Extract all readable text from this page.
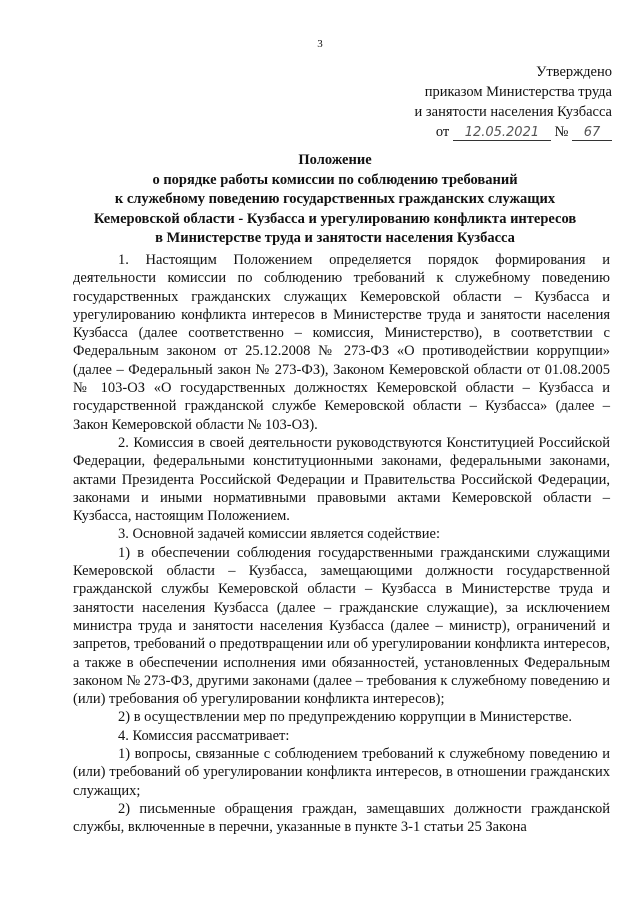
3
Утверждено
приказом Министерства труда
и занятости населения Кузбасса
от 12.05.2021 № 67
Положение
о порядке работы комиссии по соблюдению требований
к служебному поведению государственных гражданских служащих
Кемеровской области - Кузбасса и урегулированию конфликта интересов
в Министерстве труда и занятости населения Кузбасса

1. Настоящим Положением определяется порядок формирования и деятельности комиссии по соблюдению требований к служебному поведению государственных гражданских служащих Кемеровской области – Кузбасса и урегулированию конфликта интересов в Министерстве труда и занятости населения Кузбасса (далее соответственно – комиссия, Министерство), в соответствии с Федеральным законом от 25.12.2008 № 273-ФЗ «О противодействии коррупции» (далее – Федеральный закон № 273-ФЗ), Законом Кемеровской области от 01.08.2005 № 103-ОЗ «О государственных должностях Кемеровской области – Кузбасса и государственной гражданской службе Кемеровской области – Кузбасса» (далее – Закон Кемеровской области № 103-ОЗ).

2. Комиссия в своей деятельности руководствуются Конституцией Российской Федерации, федеральными конституционными законами, федеральными законами, актами Президента Российской Федерации и Правительства Российской Федерации, законами и иными нормативными правовыми актами Кемеровской области – Кузбасса, настоящим Положением.

3. Основной задачей комиссии является содействие:

1) в обеспечении соблюдения государственными гражданскими служащими Кемеровской области – Кузбасса, замещающими должности государственной гражданской службы Кемеровской области – Кузбасса в Министерстве труда и занятости населения Кузбасса (далее – гражданские служащие), за исключением министра труда и занятости населения Кузбасса (далее – министр), ограничений и запретов, требований о предотвращении или об урегулировании конфликта интересов, а также в обеспечении исполнения ими обязанностей, установленных Федеральным законом № 273-ФЗ, другими законами (далее – требования к служебному поведению и (или) требования об урегулировании конфликта интересов);

2) в осуществлении мер по предупреждению коррупции в Министерстве.

4. Комиссия рассматривает:

1) вопросы, связанные с соблюдением требований к служебному поведению и (или) требований об урегулировании конфликта интересов, в отношении гражданских служащих;

2) письменные обращения граждан, замещавших должности гражданской службы, включенные в перечни, указанные в пункте 3-1 статьи 25 Закона
